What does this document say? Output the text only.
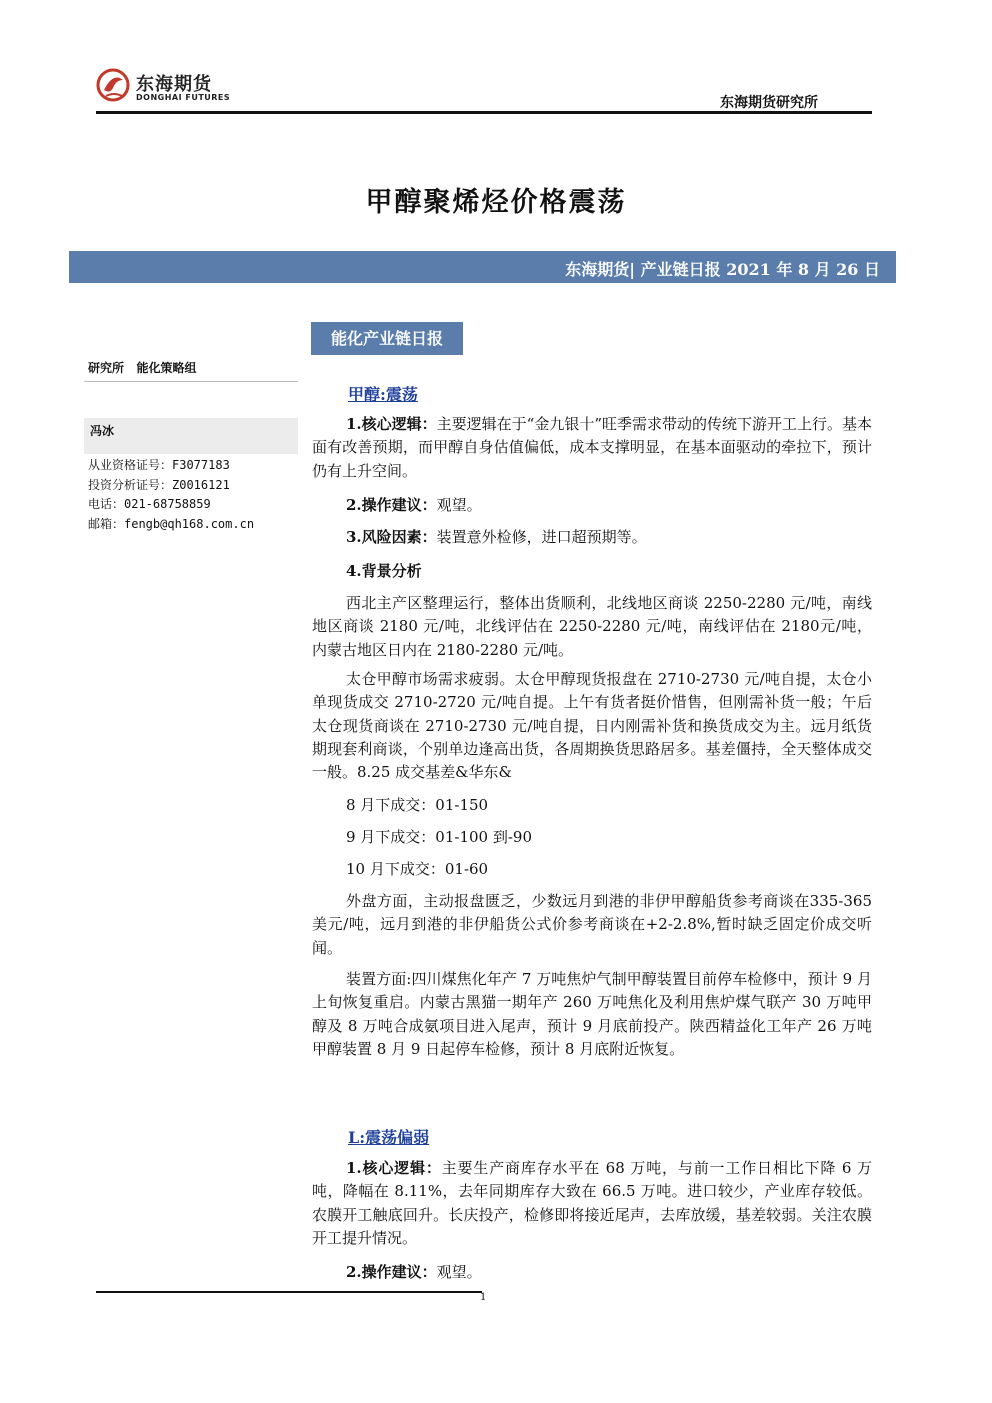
东海期货
DONGHAI FUTURES	东海期货研究所
甲醇聚烯烃价格震荡
东海期货| 产业链日报 2021 年 8 月 26 日
能化产业链日报
研究所   能化策略组
冯冰
从业资格证号：F3077183
投资分析证号：Z0016121
电话：021-68758859
邮箱：fengb@qh168.com.cn
甲醇:震荡
1.核心逻辑：主要逻辑在于“金九银十”旺季需求带动的传统下游开工上行。基本面有改善预期，而甲醇自身估值偏低，成本支撑明显，在基本面驱动的牵拉下，预计仍有上升空间。
2.操作建议：观望。
3.风险因素：装置意外检修，进口超预期等。
4.背景分析
西北主产区整理运行，整体出货顺利，北线地区商谈 2250-2280 元/吨，南线地区商谈 2180 元/吨，北线评估在 2250-2280 元/吨，南线评估在 2180元/吨， 内蒙古地区日内在 2180-2280 元/吨。
太仓甲醇市场需求疲弱。太仓甲醇现货报盘在 2710-2730 元/吨自提，太仓小单现货成交 2710-2720 元/吨自提。上午有货者挺价惜售，但刚需补货一般；午后太仓现货商谈在 2710-2730 元/吨自提，日内刚需补货和换货成交为主。远月纸货期现套利商谈，个别单边逢高出货，各周期换货思路居多。基差僵持，全天整体成交一般。8.25 成交基差&华东&
8 月下成交：01-150
9 月下成交：01-100 到-90
10 月下成交：01-60
外盘方面，主动报盘匮乏，少数远月到港的非伊甲醇船货参考商谈在335-365 美元/吨，远月到港的非伊船货公式价参考商谈在+2-2.8%,暂时缺乏固定价成交听闻。
装置方面:四川煤焦化年产 7 万吨焦炉气制甲醇装置目前停车检修中，预计 9 月上旬恢复重启。内蒙古黑猫一期年产 260 万吨焦化及利用焦炉煤气联产 30 万吨甲醇及 8 万吨合成氨项目进入尾声，预计 9 月底前投产。陕西精益化工年产 26 万吨甲醇装置 8 月 9 日起停车检修，预计 8 月底附近恢复。
L:震荡偏弱
1.核心逻辑：主要生产商库存水平在 68 万吨，与前一工作日相比下降 6 万吨，降幅在 8.11%，去年同期库存大致在 66.5 万吨。进口较少，产业库存较低。农膜开工触底回升。长庆投产，检修即将接近尾声，去库放缓，基差较弱。关注农膜开工提升情况。
2.操作建议：观望。
1
